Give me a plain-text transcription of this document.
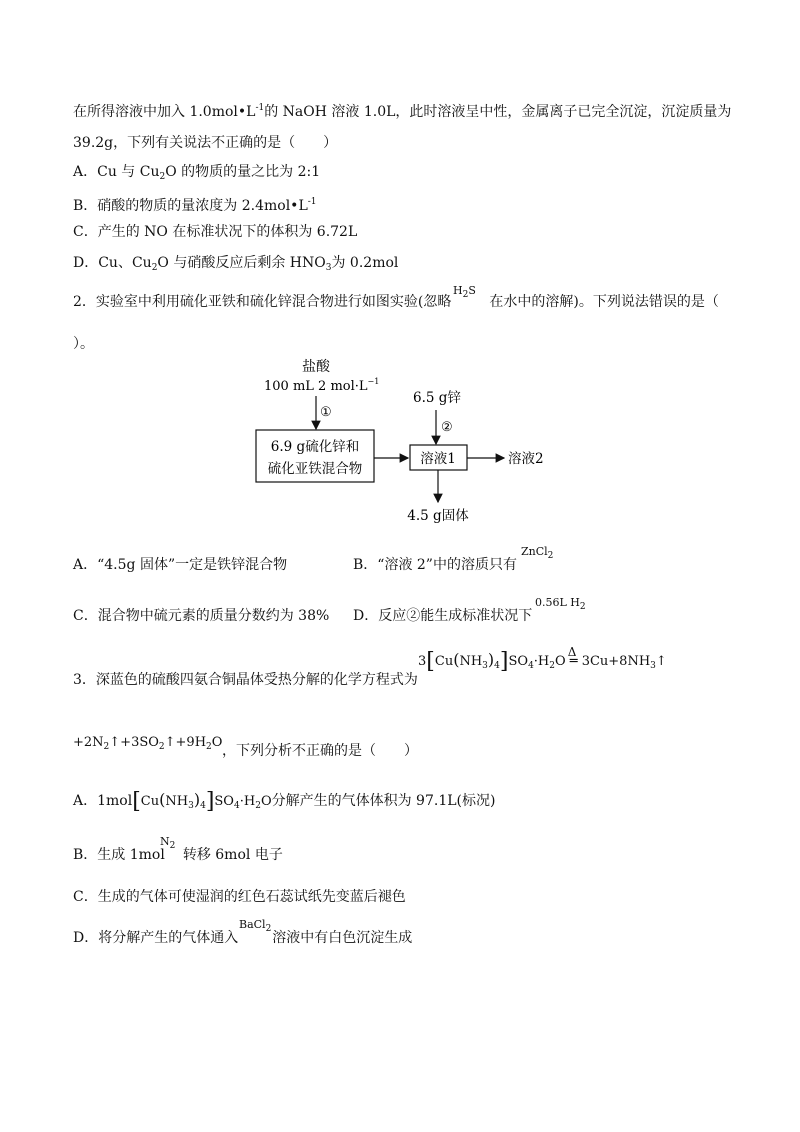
在所得溶液中加入 $1.0mol•L^{-1}$的 NaOH 溶液 1.0L，此时溶液呈中性，金属离子已完全沉淀，沉淀质量为
39.2g，下列有关说法不正确的是（　　）
A．Cu 与 $Cu_2O$ 的物质的量之比为 2:1
B．硝酸的物质的量浓度为 $2.4mol•L^{-1}$
C．产生的 NO 在标准状况下的体积为 6.72L
D．Cu、$Cu_2O$ 与硝酸反应后剩余 $HNO_3$为 0.2mol
2．实验室中利用硫化亚铁和硫化锌混合物进行如图实验(忽略	在水中的溶解)。下列说法错误的是（
$H_2S$
）。
盐酸
100 mL 2 $mol\cdot L^{-1}$
①
6.9 g硫化锌和
硫化亚铁混合物
6.5 g锌
②
溶液1	溶液2
4.5 g固体
A．“4.5g 固体”一定是铁锌混合物	B．“溶液 2”中的溶质只有
ZnCl$_2$
C．混合物中硫元素的质量分数约为 38% D．反应②能生成标准状况下
0.56L $H_2$
3．深蓝色的硫酸四氨合铜晶体受热分解的化学方程式为
$3[Cu(NH_3)_4]SO_4\cdot H_2O$
Δ
═ $3Cu+8NH_3↑$
$+2N_2↑+3SO_2↑+9H_2O$
，下列分析不正确的是（　　）
A．$1mol[Cu(NH_3)_4]SO_4\cdot H_2O$分解产生的气体体积为 97.1L(标况)
B．生成 1mol 转移 6mol 电子
$N_2$
C．生成的气体可使湿润的红色石蕊试纸先变蓝后褪色
D．将分解产生的气体通入 溶液中有白色沉淀生成
BaCl$_2$
